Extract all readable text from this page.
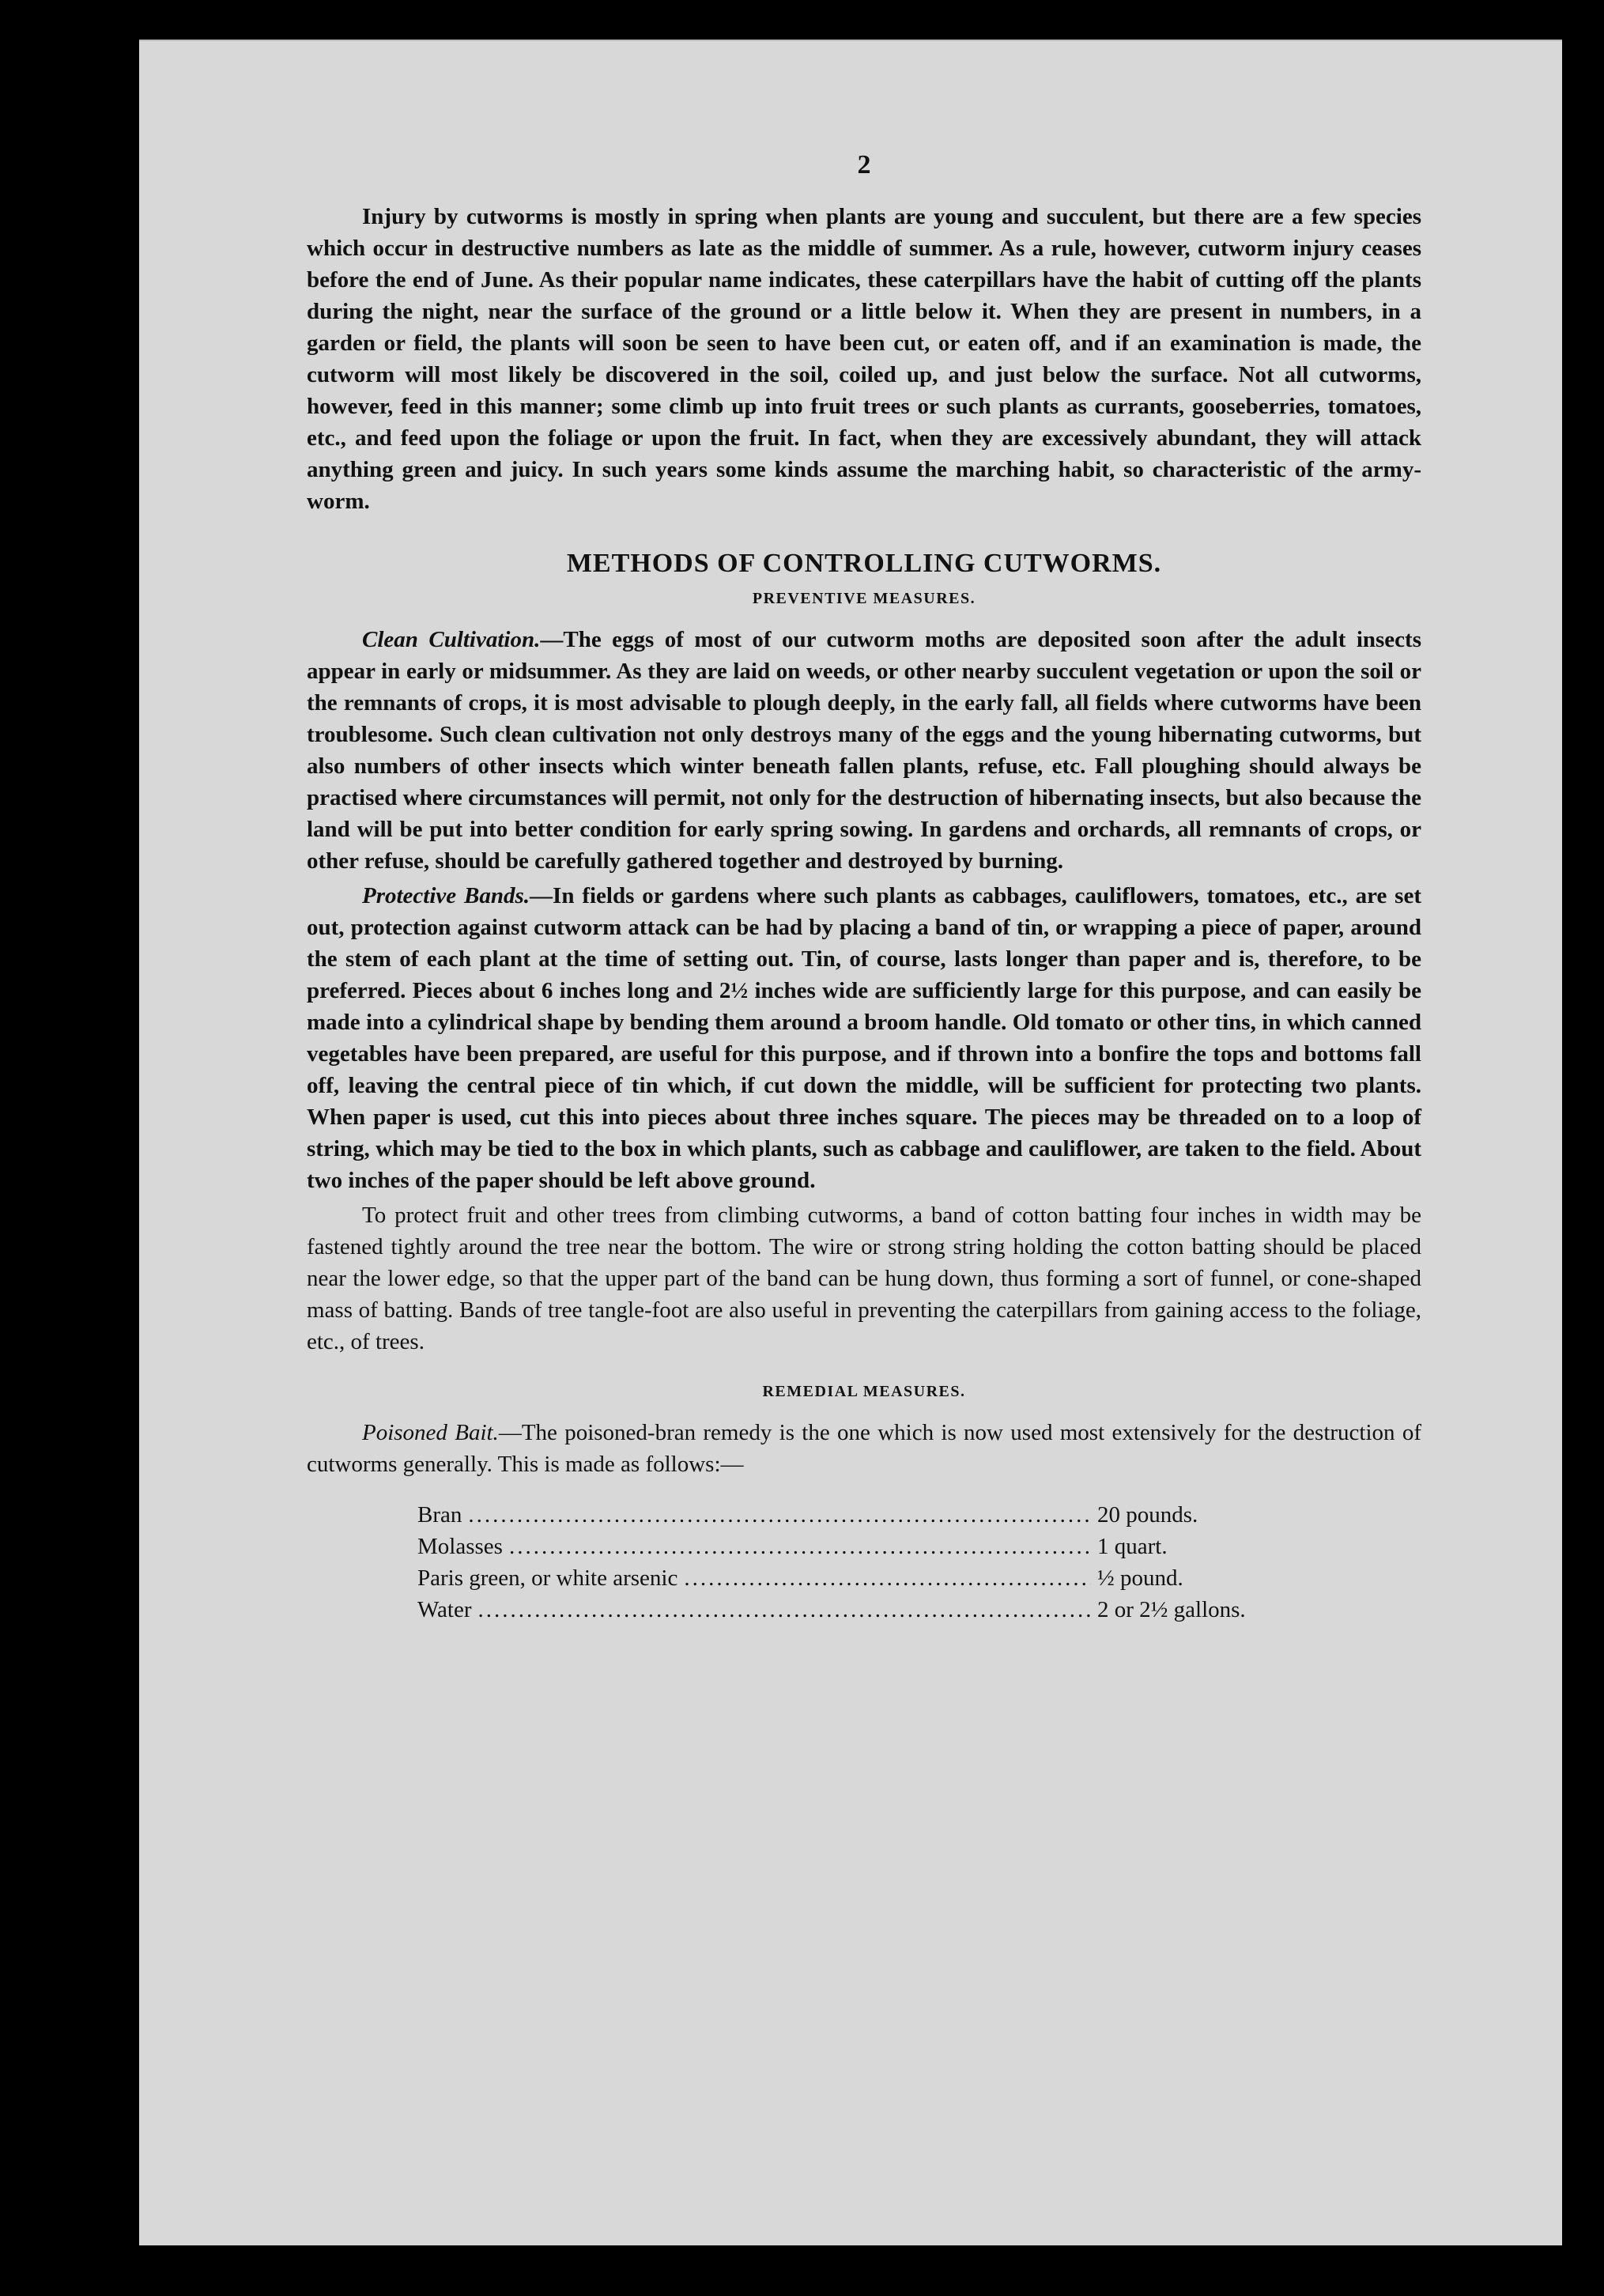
2

Injury by cutworms is mostly in spring when plants are young and succulent, but there are a few species which occur in destructive numbers as late as the middle of summer. As a rule, however, cutworm injury ceases before the end of June. As their popular name indicates, these caterpillars have the habit of cutting off the plants during the night, near the surface of the ground or a little below it. When they are present in numbers, in a garden or field, the plants will soon be seen to have been cut, or eaten off, and if an examination is made, the cutworm will most likely be discovered in the soil, coiled up, and just below the surface. Not all cutworms, however, feed in this manner; some climb up into fruit trees or such plants as currants, gooseberries, tomatoes, etc., and feed upon the foliage or upon the fruit. In fact, when they are excessively abundant, they will attack anything green and juicy. In such years some kinds assume the marching habit, so characteristic of the army-worm.

METHODS OF CONTROLLING CUTWORMS.
PREVENTIVE MEASURES.

Clean Cultivation.—The eggs of most of our cutworm moths are deposited soon after the adult insects appear in early or midsummer. As they are laid on weeds, or other nearby succulent vegetation or upon the soil or the remnants of crops, it is most advisable to plough deeply, in the early fall, all fields where cutworms have been troublesome. Such clean cultivation not only destroys many of the eggs and the young hibernating cutworms, but also numbers of other insects which winter beneath fallen plants, refuse, etc. Fall ploughing should always be practised where circumstances will permit, not only for the destruction of hibernating insects, but also because the land will be put into better condition for early spring sowing. In gardens and orchards, all remnants of crops, or other refuse, should be carefully gathered together and destroyed by burning.

Protective Bands.—In fields or gardens where such plants as cabbages, cauliflowers, tomatoes, etc., are set out, protection against cutworm attack can be had by placing a band of tin, or wrapping a piece of paper, around the stem of each plant at the time of setting out. Tin, of course, lasts longer than paper and is, therefore, to be preferred. Pieces about 6 inches long and 2½ inches wide are sufficiently large for this purpose, and can easily be made into a cylindrical shape by bending them around a broom handle. Old tomato or other tins, in which canned vegetables have been prepared, are useful for this purpose, and if thrown into a bonfire the tops and bottoms fall off, leaving the central piece of tin which, if cut down the middle, will be sufficient for protecting two plants. When paper is used, cut this into pieces about three inches square. The pieces may be threaded on to a loop of string, which may be tied to the box in which plants, such as cabbage and cauliflower, are taken to the field. About two inches of the paper should be left above ground.

To protect fruit and other trees from climbing cutworms, a band of cotton batting four inches in width may be fastened tightly around the tree near the bottom. The wire or strong string holding the cotton batting should be placed near the lower edge, so that the upper part of the band can be hung down, thus forming a sort of funnel, or cone-shaped mass of batting. Bands of tree tangle-foot are also useful in preventing the caterpillars from gaining access to the foliage, etc., of trees.

REMEDIAL MEASURES.

Poisoned Bait.—The poisoned-bran remedy is the one which is now used most extensively for the destruction of cutworms generally. This is made as follows:—

Bran .....	20 pounds.
Molasses .....	1 quart.
Paris green, or white arsenic .....	½ pound.
Water .....	2 or 2½ gallons.
